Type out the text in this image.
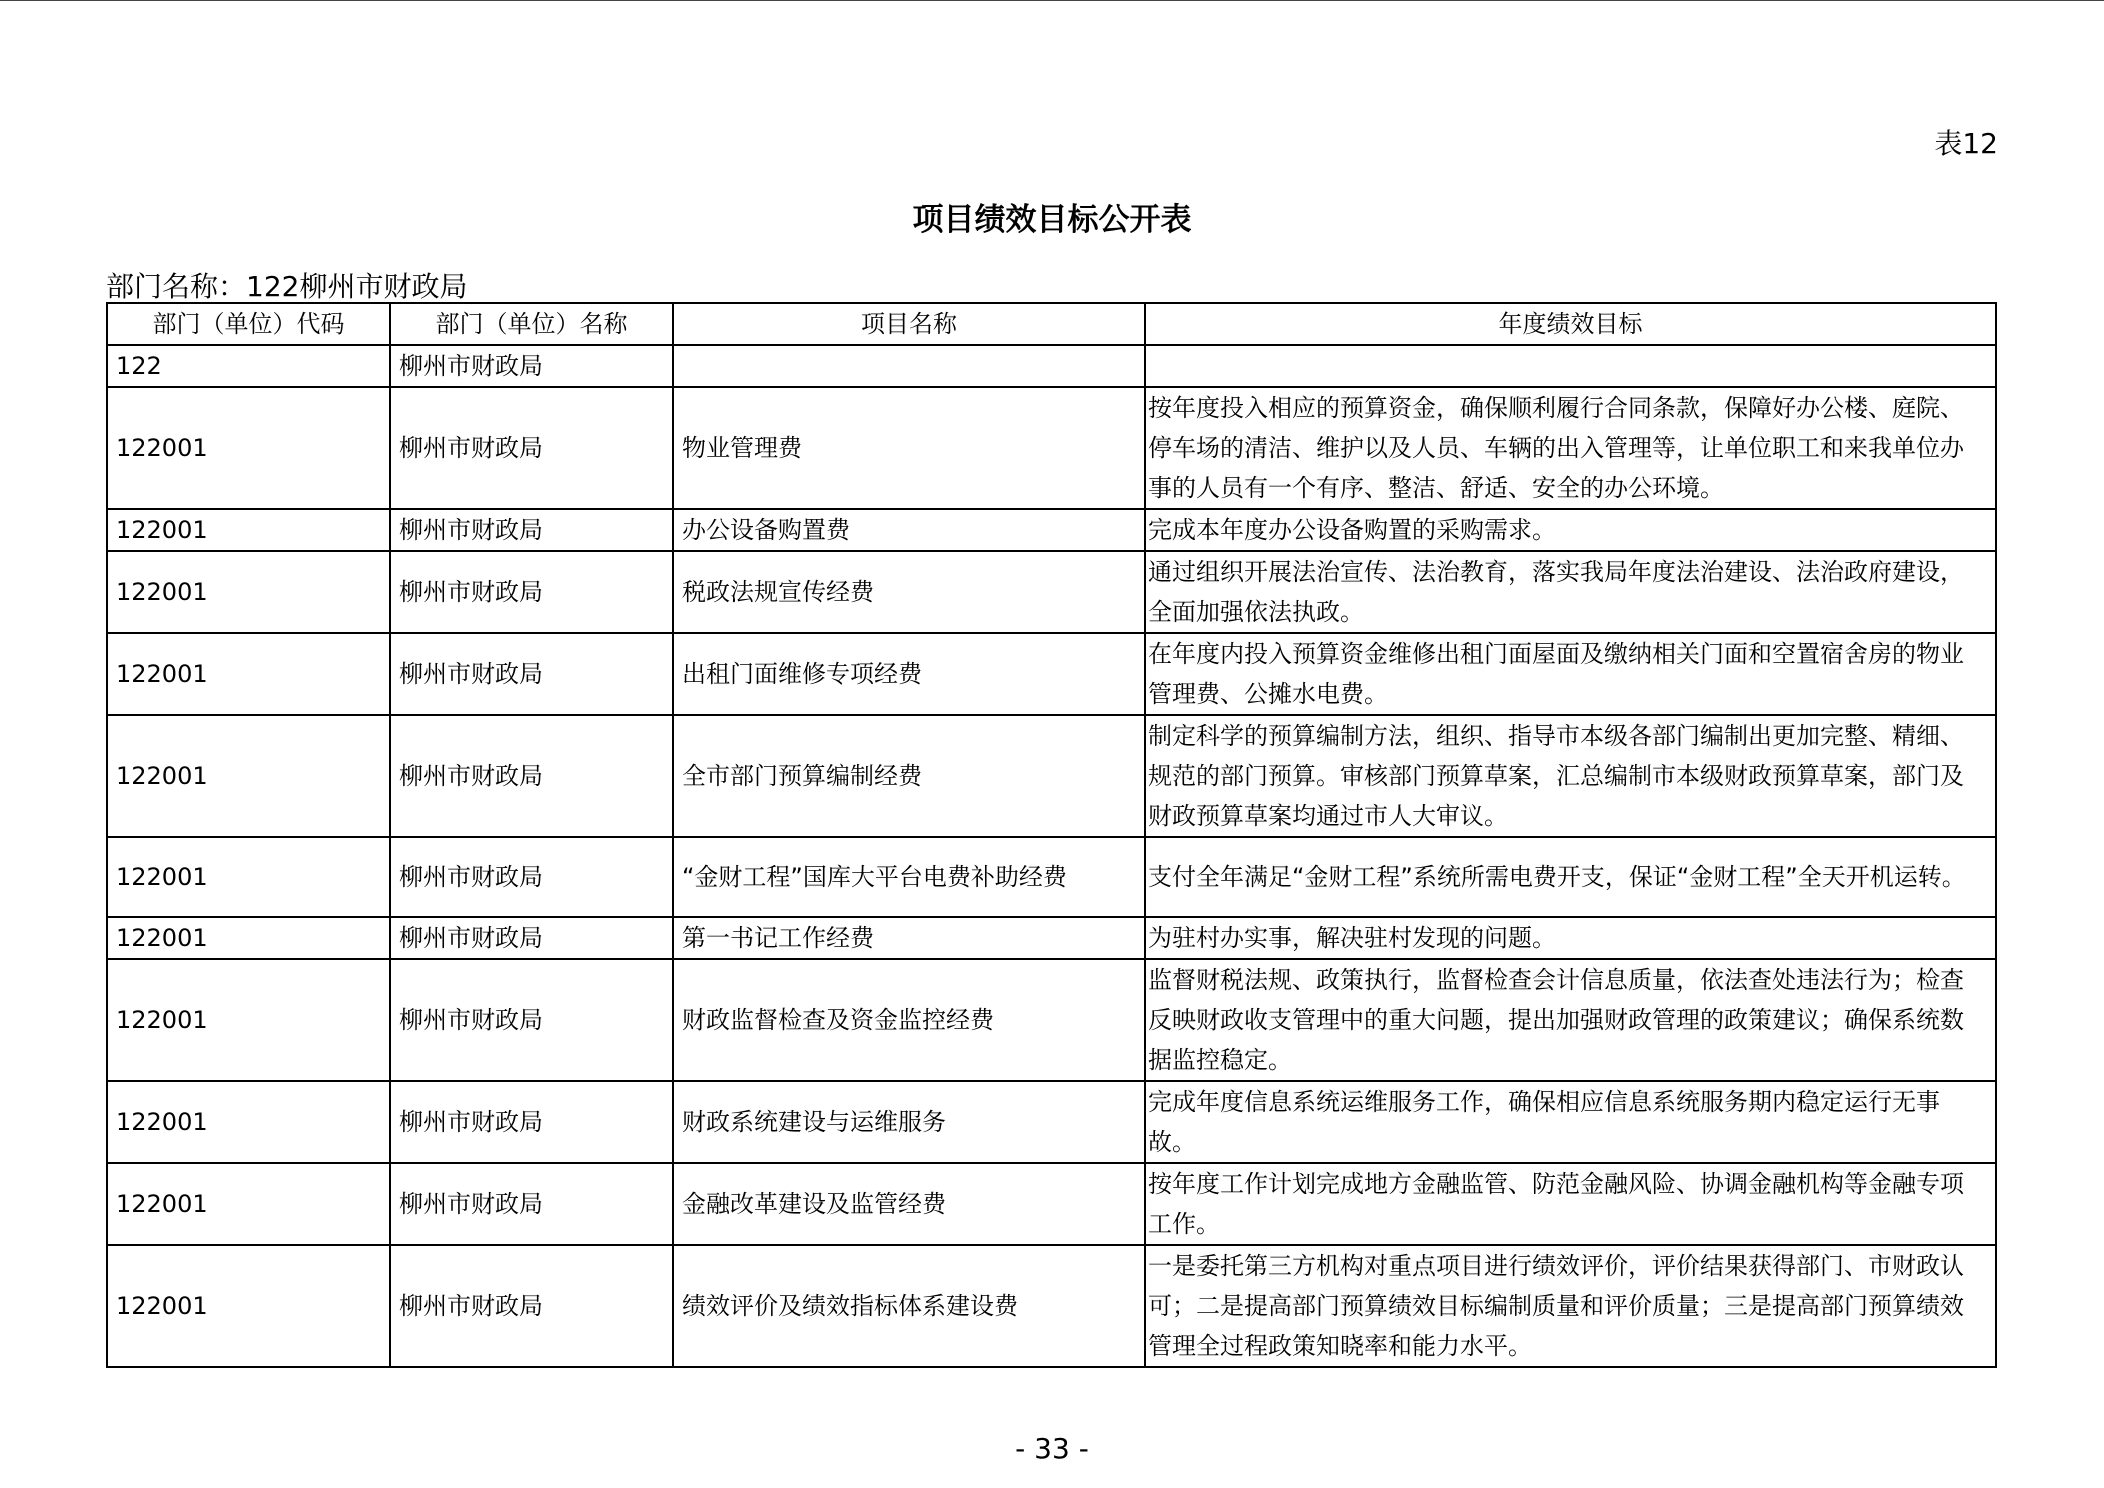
表12
项目绩效目标公开表
部门名称：122柳州市财政局
部门（单位）代码	部门（单位）名称	项目名称	年度绩效目标
122	柳州市财政局		
122001	柳州市财政局	物业管理费	按年度投入相应的预算资金，确保顺利履行合同条款，保障好办公楼、庭院、停车场的清洁、维护以及人员、车辆的出入管理等，让单位职工和来我单位办事的人员有一个有序、整洁、舒适、安全的办公环境。
122001	柳州市财政局	办公设备购置费	完成本年度办公设备购置的采购需求。
122001	柳州市财政局	税政法规宣传经费	通过组织开展法治宣传、法治教育，落实我局年度法治建设、法治政府建设，全面加强依法执政。
122001	柳州市财政局	出租门面维修专项经费	在年度内投入预算资金维修出租门面屋面及缴纳相关门面和空置宿舍房的物业管理费、公摊水电费。
122001	柳州市财政局	全市部门预算编制经费	制定科学的预算编制方法，组织、指导市本级各部门编制出更加完整、精细、规范的部门预算。审核部门预算草案，汇总编制市本级财政预算草案，部门及财政预算草案均通过市人大审议。
122001	柳州市财政局	“金财工程”国库大平台电费补助经费	支付全年满足“金财工程”系统所需电费开支，保证“金财工程”全天开机运转。
122001	柳州市财政局	第一书记工作经费	为驻村办实事，解决驻村发现的问题。
122001	柳州市财政局	财政监督检查及资金监控经费	监督财税法规、政策执行，监督检查会计信息质量，依法查处违法行为；检查反映财政收支管理中的重大问题，提出加强财政管理的政策建议；确保系统数据监控稳定。
122001	柳州市财政局	财政系统建设与运维服务	完成年度信息系统运维服务工作，确保相应信息系统服务期内稳定运行无事故。
122001	柳州市财政局	金融改革建设及监管经费	按年度工作计划完成地方金融监管、防范金融风险、协调金融机构等金融专项工作。
122001	柳州市财政局	绩效评价及绩效指标体系建设费	一是委托第三方机构对重点项目进行绩效评价，评价结果获得部门、市财政认可；二是提高部门预算绩效目标编制质量和评价质量；三是提高部门预算绩效管理全过程政策知晓率和能力水平。
- 33 -
